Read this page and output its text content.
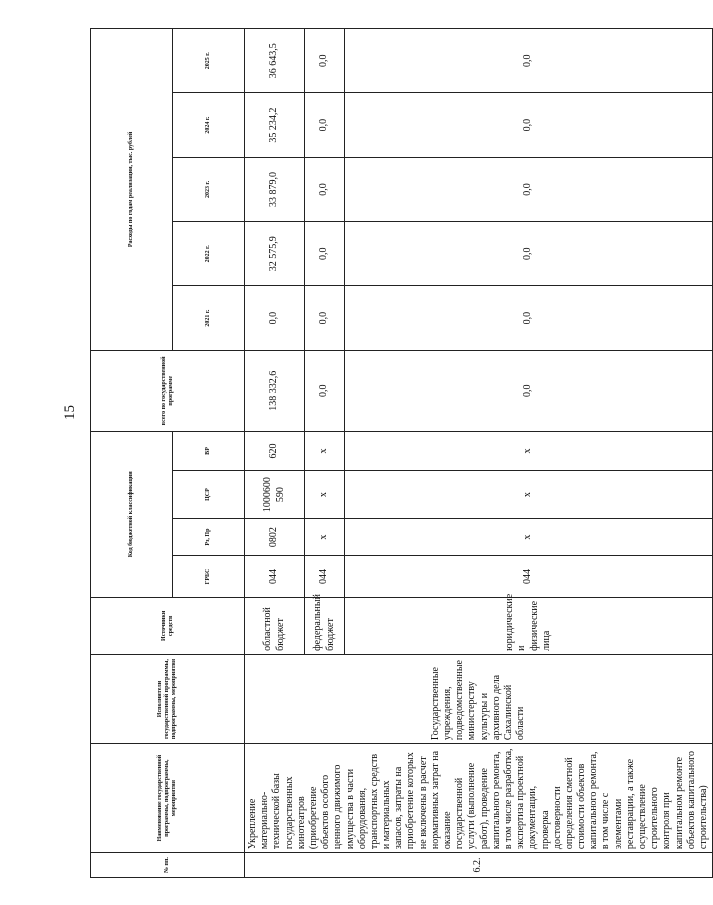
15
№ пп.	Наименование государственной программы, подпрограммы, мероприятия	Исполнители государственной программы, подпрограммы, мероприятия	Источники средств	Код бюджетной классификации				всего по государственной программе	Расходы по годам реализации, тыс. рублей				
				ГРБС	Рз, Пр	ЦСР	ВР		2021 г.	2022 г.	2023 г.	2024 г.	2025 г.
6.2.	Укрепление материально-технической базы государственных кинотеатров (приобретение объектов особого ценного движимого имущества в части оборудования, транспортных средств и материальных запасов, затраты на приобретение которых не включены в расчет нормативных затрат на оказание государственной услуги (выполнение работ), проведение капитального ремонта, в том числе разработка, экспертиза проектной документации, проверка достоверности определения сметной стоимости объектов капитального ремонта, в том числе с элементами реставрации, а также осуществление строительного контроля при капитальном ремонте объектов капитального строительства)	Государственные учреждения, подведомственные министерству культуры и архивного дела Сахалинской области	областной бюджет	044	0802	1000600 590	620	138 332,6	0,0	32 575,9	33 879,0	35 234,2	36 643,5
			федеральный бюджет	044	x	x	x	0,0	0,0	0,0	0,0	0,0	0,0
			юридические и физические лица	044	x	x	x	0,0	0,0	0,0	0,0	0,0	0,0
